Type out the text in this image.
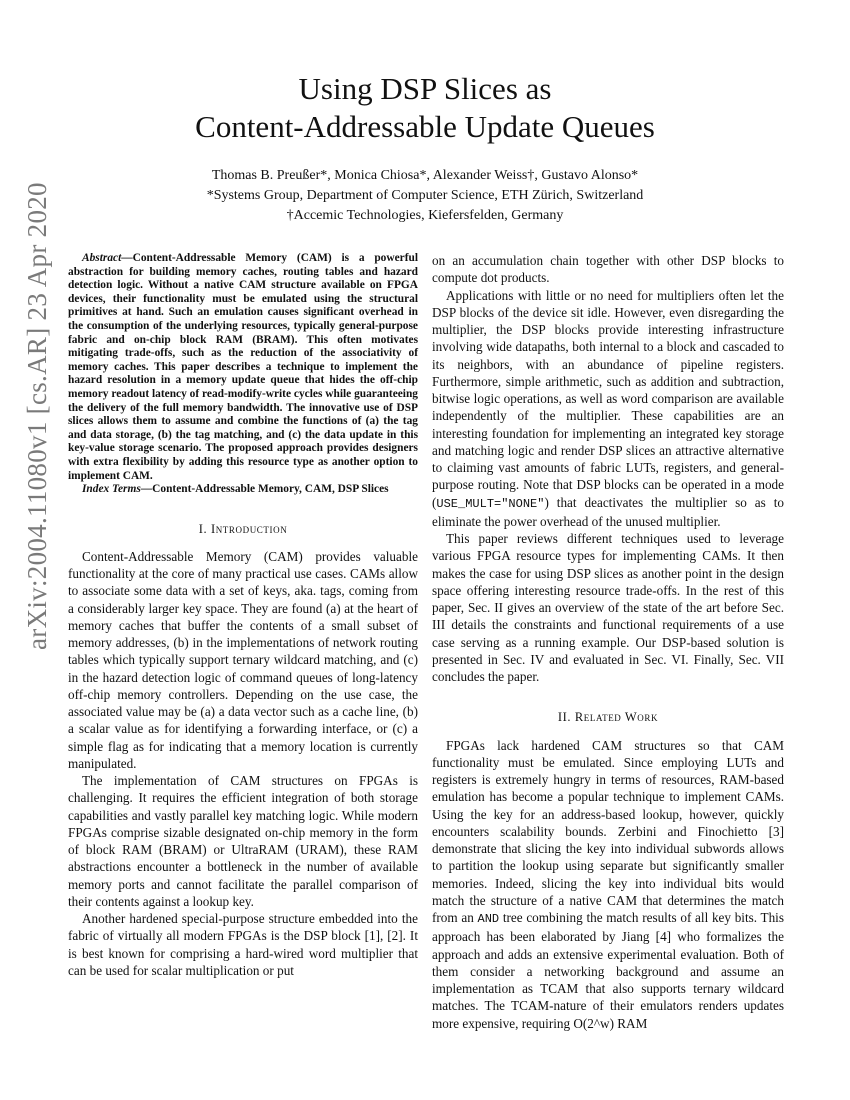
arXiv:2004.11080v1 [cs.AR] 23 Apr 2020
Using DSP Slices as
Content-Addressable Update Queues
Thomas B. Preußer*, Monica Chiosa*, Alexander Weiss†, Gustavo Alonso*
*Systems Group, Department of Computer Science, ETH Zürich, Switzerland
†Accemic Technologies, Kiefersfelden, Germany

Abstract—Content-Addressable Memory (CAM) is a powerful abstraction for building memory caches, routing tables and hazard detection logic. Without a native CAM structure available on FPGA devices, their functionality must be emulated using the structural primitives at hand. Such an emulation causes significant overhead in the consumption of the underlying resources, typically general-purpose fabric and on-chip block RAM (BRAM). This often motivates mitigating trade-offs, such as the reduction of the associativity of memory caches. This paper describes a technique to implement the hazard resolution in a memory update queue that hides the off-chip memory readout latency of read-modify-write cycles while guaranteeing the delivery of the full memory bandwidth. The innovative use of DSP slices allows them to assume and combine the functions of (a) the tag and data storage, (b) the tag matching, and (c) the data update in this key-value storage scenario. The proposed approach provides designers with extra flexibility by adding this resource type as another option to implement CAM.

Index Terms—Content-Addressable Memory, CAM, DSP Slices

I. Introduction

Content-Addressable Memory (CAM) provides valuable functionality at the core of many practical use cases. CAMs allow to associate some data with a set of keys, aka. tags, coming from a considerably larger key space. They are found (a) at the heart of memory caches that buffer the contents of a small subset of memory addresses, (b) in the implementations of network routing tables which typically support ternary wildcard matching, and (c) in the hazard detection logic of command queues of long-latency off-chip memory controllers. Depending on the use case, the associated value may be (a) a data vector such as a cache line, (b) a scalar value as for identifying a forwarding interface, or (c) a simple flag as for indicating that a memory location is currently manipulated.

The implementation of CAM structures on FPGAs is challenging. It requires the efficient integration of both storage capabilities and vastly parallel key matching logic. While modern FPGAs comprise sizable designated on-chip memory in the form of block RAM (BRAM) or UltraRAM (URAM), these RAM abstractions encounter a bottleneck in the number of available memory ports and cannot facilitate the parallel comparison of their contents against a lookup key.

Another hardened special-purpose structure embedded into the fabric of virtually all modern FPGAs is the DSP block [1], [2]. It is best known for comprising a hard-wired word multiplier that can be used for scalar multiplication or put

on an accumulation chain together with other DSP blocks to compute dot products.

Applications with little or no need for multipliers often let the DSP blocks of the device sit idle. However, even disregarding the multiplier, the DSP blocks provide interesting infrastructure involving wide datapaths, both internal to a block and cascaded to its neighbors, with an abundance of pipeline registers. Furthermore, simple arithmetic, such as addition and subtraction, bitwise logic operations, as well as word comparison are available independently of the multiplier. These capabilities are an interesting foundation for implementing an integrated key storage and matching logic and render DSP slices an attractive alternative to claiming vast amounts of fabric LUTs, registers, and general-purpose routing. Note that DSP blocks can be operated in a mode (USE_MULT="NONE") that deactivates the multiplier so as to eliminate the power overhead of the unused multiplier.

This paper reviews different techniques used to leverage various FPGA resource types for implementing CAMs. It then makes the case for using DSP slices as another point in the design space offering interesting resource trade-offs. In the rest of this paper, Sec. II gives an overview of the state of the art before Sec. III details the constraints and functional requirements of a use case serving as a running example. Our DSP-based solution is presented in Sec. IV and evaluated in Sec. VI. Finally, Sec. VII concludes the paper.

II. Related Work

FPGAs lack hardened CAM structures so that CAM functionality must be emulated. Since employing LUTs and registers is extremely hungry in terms of resources, RAM-based emulation has become a popular technique to implement CAMs. Using the key for an address-based lookup, however, quickly encounters scalability bounds. Zerbini and Finochietto [3] demonstrate that slicing the key into individual subwords allows to partition the lookup using separate but significantly smaller memories. Indeed, slicing the key into individual bits would match the structure of a native CAM that determines the match from an AND tree combining the match results of all key bits. This approach has been elaborated by Jiang [4] who formalizes the approach and adds an extensive experimental evaluation. Both of them consider a networking background and assume an implementation as TCAM that also supports ternary wildcard matches. The TCAM-nature of their emulators renders updates more expensive, requiring O(2^w) RAM
